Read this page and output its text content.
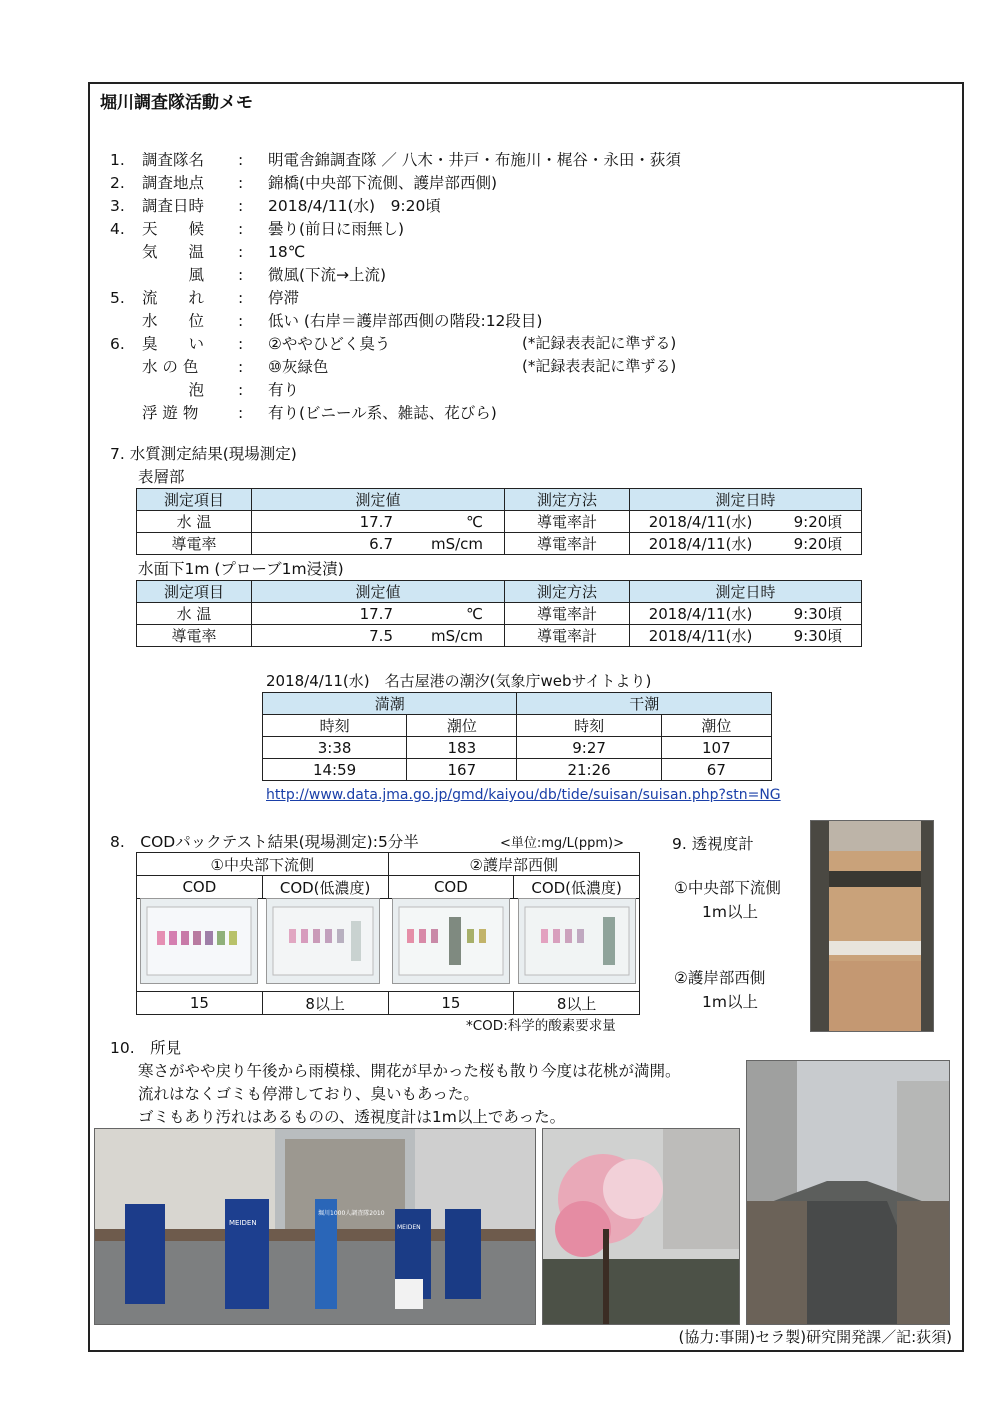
堀川調査隊活動メモ
1. 調査隊名 : 明電舎錦調査隊 ／ 八木・井戸・布施川・梶谷・永田・荻須
2. 調査地点 : 錦橋(中央部下流側、護岸部西側)
3. 調査日時 : 2018/4/11(水)　9:20頃
4. 天　　候 : 曇り(前日に雨無し)
気　　温 : 18℃
　　　風 : 微風(下流→上流)
5. 流　　れ : 停滞
水　　位 : 低い (右岸＝護岸部西側の階段:12段目)
6. 臭　　い : ②ややひどく臭う	(*記録表表記に準ずる)
水 の 色	: ⑩灰緑色	(*記録表表記に準ずる)
　　　泡 : 有り
浮 遊 物	: 有り(ビニール系、雑誌、花びら)
7. 水質測定結果(現場測定)
表層部
測定項目	測定値	測定方法	測定日時
水 温	17.7 ℃	導電率計	2018/4/11(水) 9:20頃
導電率	6.7 mS/cm	導電率計	2018/4/11(水) 9:20頃
水面下1m (プローブ1m浸漬)
測定項目	測定値	測定方法	測定日時
水 温	17.7 ℃	導電率計	2018/4/11(水) 9:30頃
導電率	7.5 mS/cm	導電率計	2018/4/11(水) 9:30頃
2018/4/11(水)　名古屋港の潮汐(気象庁webサイトより)
満潮		干潮	
時刻	潮位	時刻	潮位
3:38	183	9:27	107
14:59	167	21:26	67
http://www.data.jma.go.jp/gmd/kaiyou/db/tide/suisan/suisan.php?stn=NG
8.　CODパックテスト結果(現場測定):5分半	<単位:mg/L(ppm)>
①中央部下流側		②護岸部西側	
COD	COD(低濃度)	COD	COD(低濃度)

15	8以上	15	8以上
*COD:科学的酸素要求量
9. 透視度計
①中央部下流側
1m以上
②護岸部西側
1m以上
10.　所見
寒さがやや戻り午後から雨模様、開花が早かった桜も散り今度は花桃が満開。
流れはなくゴミも停滞しており、臭いもあった。
ゴミもあり汚れはあるものの、透視度計は1m以上であった。
MEIDEN
堀川1000人調査隊2010
MEIDEN
(協力:事開)セラ製)研究開発課／記:荻須)
